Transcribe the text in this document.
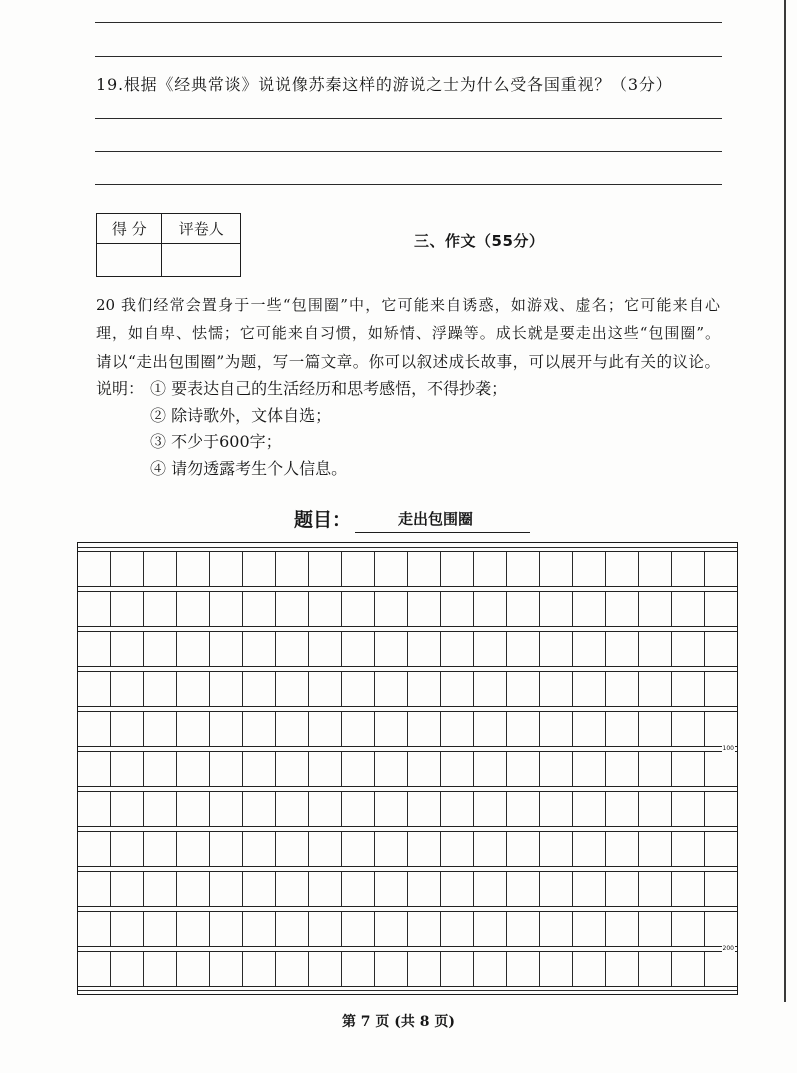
19.根据《经典常谈》说说像苏秦这样的游说之士为什么受各国重视？（3分）
得 分	评卷人

三、作文（55分）
20 我们经常会置身于一些“包围圈”中，它可能来自诱惑，如游戏、虚名；它可能来自心
理，如自卑、怯懦；它可能来自习惯，如矫情、浮躁等。成长就是要走出这些“包围圈”。
请以“走出包围圈”为题，写一篇文章。你可以叙述成长故事，可以展开与此有关的议论。
说明： ① 要表达自己的生活经历和思考感悟，不得抄袭；
② 除诗歌外，文体自选；
③ 不少于600字；
④ 请勿透露考生个人信息。
题目：	走出包围圈
100
200
第 7 页 (共 8 页)
